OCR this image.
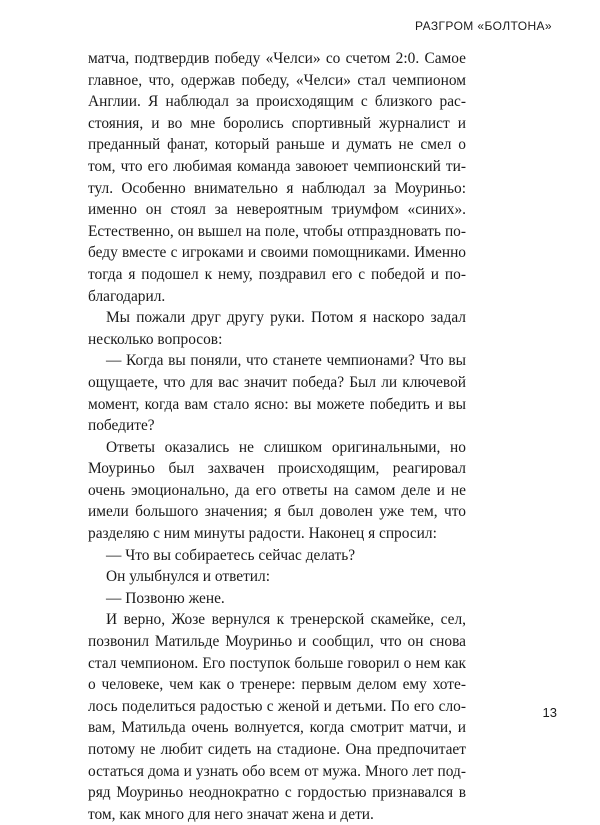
РАЗГРОМ «БОЛТОНА»
матча, подтвердив победу «Челси» со счетом 2:0. Самое
главное, что, одержав победу, «Челси» стал чемпионом
Англии. Я наблюдал за происходящим с близкого рас-
стояния, и во мне боролись спортивный журналист и
преданный фанат, который раньше и думать не смел о
том, что его любимая команда завоюет чемпионский ти-
тул. Особенно внимательно я наблюдал за Моуриньо:
именно он стоял за невероятным триумфом «синих».
Естественно, он вышел на поле, чтобы отпраздновать по-
беду вместе с игроками и своими помощниками. Именно
тогда я подошел к нему, поздравил его с победой и по-
благодарил.
Мы пожали друг другу руки. Потом я наскоро задал
несколько вопросов:
— Когда вы поняли, что станете чемпионами? Что вы
ощущаете, что для вас значит победа? Был ли ключевой
момент, когда вам стало ясно: вы можете победить и вы
победите?
Ответы оказались не слишком оригинальными, но
Моуриньо был захвачен происходящим, реагировал
очень эмоционально, да его ответы на самом деле и не
имели большого значения; я был доволен уже тем, что
разделяю с ним минуты радости. Наконец я спросил:
— Что вы собираетесь сейчас делать?
Он улыбнулся и ответил:
— Позвоню жене.
И верно, Жозе вернулся к тренерской скамейке, сел,
позвонил Матильде Моуриньо и сообщил, что он снова
стал чемпионом. Его поступок больше говорил о нем как
о человеке, чем как о тренере: первым делом ему хоте-
лось поделиться радостью с женой и детьми. По его сло-
вам, Матильда очень волнуется, когда смотрит матчи, и
потому не любит сидеть на стадионе. Она предпочитает
остаться дома и узнать обо всем от мужа. Много лет под-
ряд Моуриньо неоднократно с гордостью признавался в
том, как много для него значат жена и дети.
13
